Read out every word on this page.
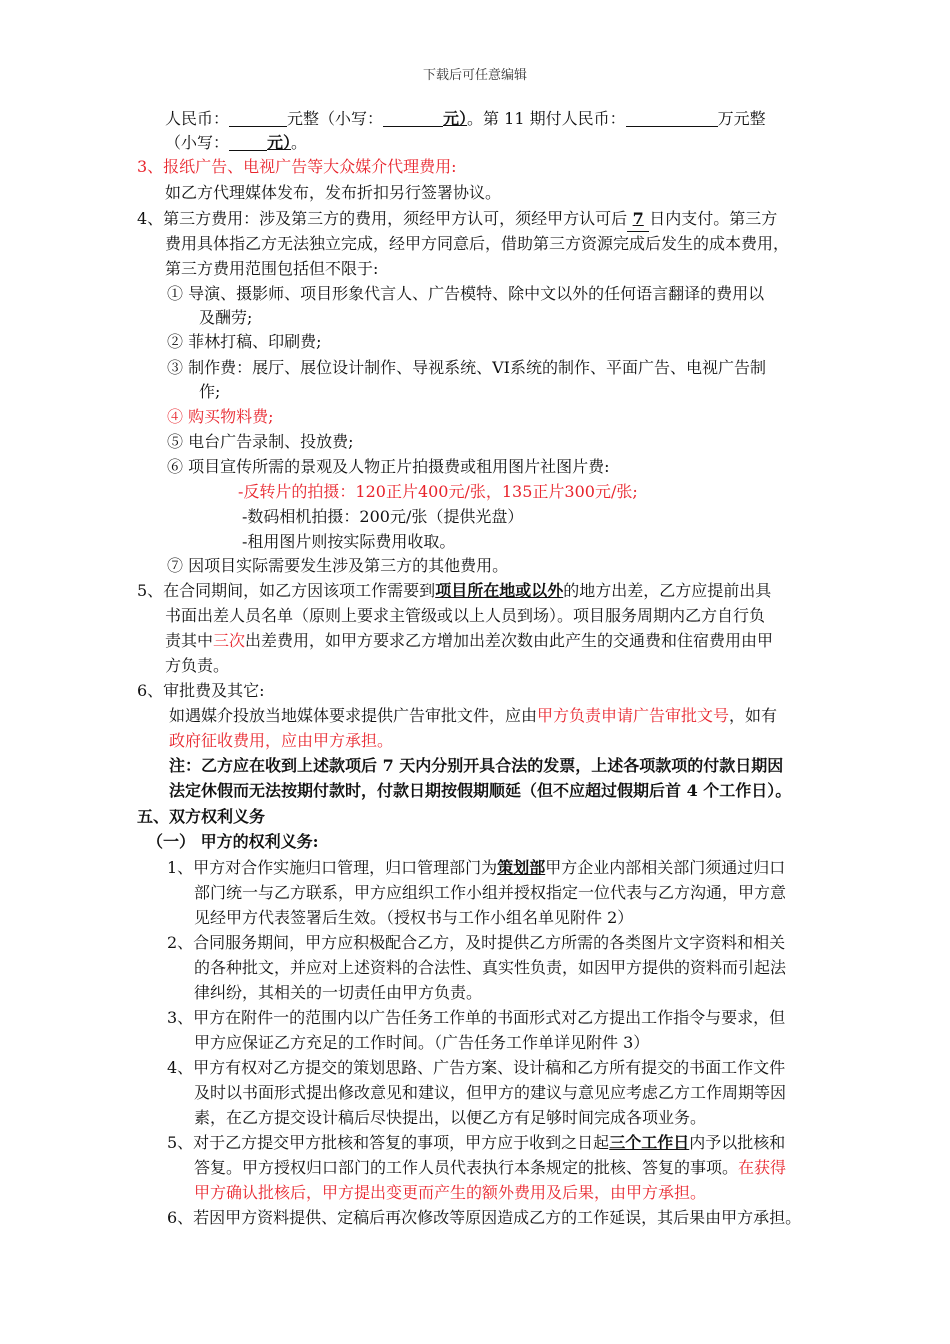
下载后可任意编辑
人民币：	元整（小写：	元）。第 11 期付人民币：	万元整
（小写： 元）。
3、报纸广告、电视广告等大众媒介代理费用:
如乙方代理媒体发布，发布折扣另行签署协议。
4、第三方费用：涉及第三方的费用，须经甲方认可，须经甲方认可后 7 日内支付。第三方
费用具体指乙方无法独立完成，经甲方同意后，借助第三方资源完成后发生的成本费用，
第三方费用范围包括但不限于:
① 导演、摄影师、项目形象代言人、广告模特、除中文以外的任何语言翻译的费用以
及酬劳;
② 菲林打稿、印刷费;
③ 制作费：展厅、展位设计制作、导视系统、VI系统的制作、平面广告、电视广告制
作;
④ 购买物料费;
⑤ 电台广告录制、投放费;
⑥ 项目宣传所需的景观及人物正片拍摄费或租用图片社图片费:
-反转片的拍摄：120正片400元/张，135正片300元/张;
-数码相机拍摄：200元/张（提供光盘）
-租用图片则按实际费用收取。
⑦ 因项目实际需要发生涉及第三方的其他费用。
5、在合同期间，如乙方因该项工作需要到项目所在地或以外的地方出差，乙方应提前出具
书面出差人员名单（原则上要求主管级或以上人员到场）。项目服务周期内乙方自行负
责其中三次出差费用，如甲方要求乙方增加出差次数由此产生的交通费和住宿费用由甲
方负责。
6、审批费及其它:
如遇媒介投放当地媒体要求提供广告审批文件，应由甲方负责申请广告审批文号，如有
政府征收费用，应由甲方承担。
注：乙方应在收到上述款项后 7 天内分别开具合法的发票，上述各项款项的付款日期因
法定休假而无法按期付款时，付款日期按假期顺延（但不应超过假期后首 4 个工作日）。
五、双方权利义务
（一） 甲方的权利义务:
1、甲方对合作实施归口管理，归口管理部门为策划部甲方企业内部相关部门须通过归口
部门统一与乙方联系，甲方应组织工作小组并授权指定一位代表与乙方沟通，甲方意
见经甲方代表签署后生效。（授权书与工作小组名单见附件 2）
2、合同服务期间，甲方应积极配合乙方，及时提供乙方所需的各类图片文字资料和相关
的各种批文，并应对上述资料的合法性、真实性负责，如因甲方提供的资料而引起法
律纠纷，其相关的一切责任由甲方负责。
3、甲方在附件一的范围内以广告任务工作单的书面形式对乙方提出工作指令与要求，但
甲方应保证乙方充足的工作时间。（广告任务工作单详见附件 3）
4、甲方有权对乙方提交的策划思路、广告方案、设计稿和乙方所有提交的书面工作文件
及时以书面形式提出修改意见和建议，但甲方的建议与意见应考虑乙方工作周期等因
素，在乙方提交设计稿后尽快提出，以便乙方有足够时间完成各项业务。
5、对于乙方提交甲方批核和答复的事项，甲方应于收到之日起三个工作日内予以批核和
答复。甲方授权归口部门的工作人员代表执行本条规定的批核、答复的事项。在获得
甲方确认批核后，甲方提出变更而产生的额外费用及后果，由甲方承担。
6、若因甲方资料提供、定稿后再次修改等原因造成乙方的工作延误，其后果由甲方承担。
